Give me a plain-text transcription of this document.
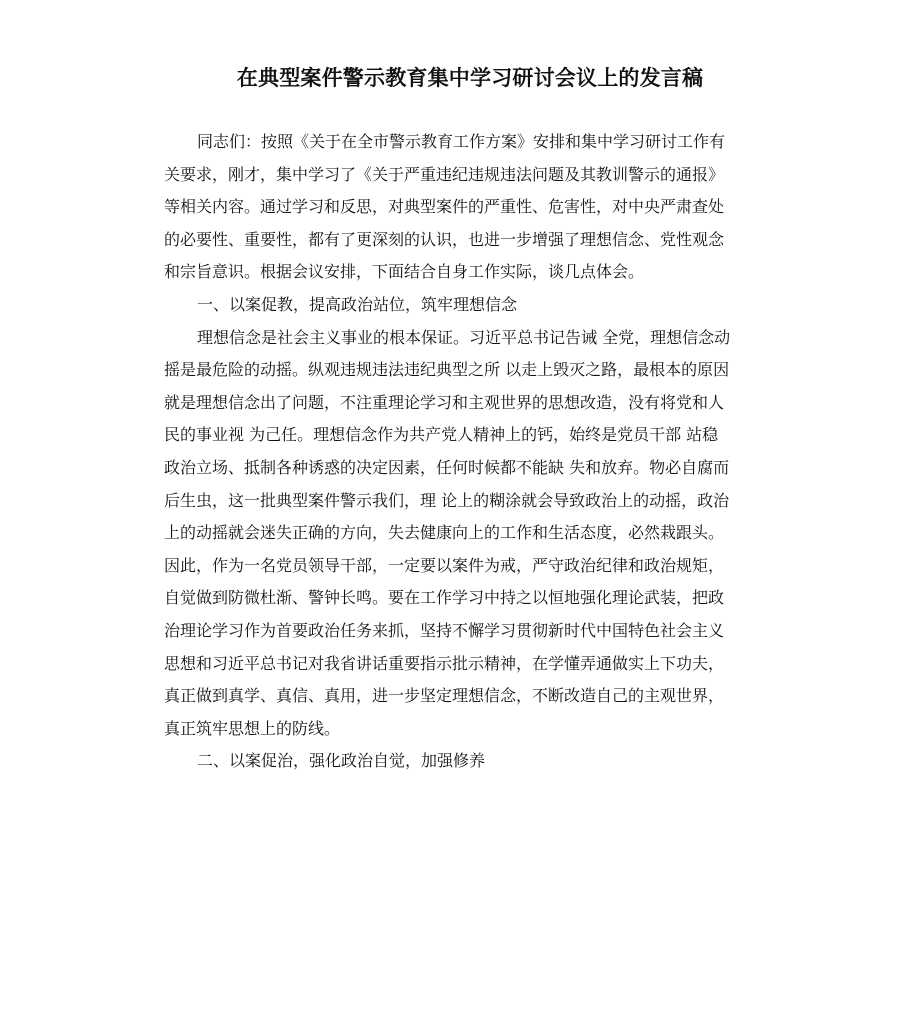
在典型案件警示教育集中学习研讨会议上的发言稿
同志们：按照《关于在全市警示教育工作方案》安排和集中学习研讨工作有
关要求，刚才，集中学习了《关于严重违纪违规违法问题及其教训警示的通报》
等相关内容。通过学习和反思，对典型案件的严重性、危害性，对中央严肃查处
的必要性、重要性，都有了更深刻的认识，也进一步增强了理想信念、党性观念
和宗旨意识。根据会议安排，下面结合自身工作实际，谈几点体会。
一、以案促教，提高政治站位，筑牢理想信念
理想信念是社会主义事业的根本保证。习近平总书记告诫 全党，理想信念动
摇是最危险的动摇。纵观违规违法违纪典型之所 以走上毁灭之路，最根本的原因
就是理想信念出了问题，不注重理论学习和主观世界的思想改造，没有将党和人
民的事业视 为己任。理想信念作为共产党人精神上的钙，始终是党员干部 站稳
政治立场、抵制各种诱惑的决定因素，任何时候都不能缺 失和放弃。物必自腐而
后生虫，这一批典型案件警示我们，理 论上的糊涂就会导致政治上的动摇，政治
上的动摇就会迷失正确的方向，失去健康向上的工作和生活态度，必然栽跟头。
因此，作为一名党员领导干部，一定要以案件为戒，严守政治纪律和政治规矩，
自觉做到防微杜渐、警钟长鸣。要在工作学习中持之以恒地强化理论武装，把政
治理论学习作为首要政治任务来抓，坚持不懈学习贯彻新时代中国特色社会主义
思想和习近平总书记对我省讲话重要指示批示精神，在学懂弄通做实上下功夫，
真正做到真学、真信、真用，进一步坚定理想信念，不断改造自己的主观世界，
真正筑牢思想上的防线。
二、以案促治，强化政治自觉，加强修养
